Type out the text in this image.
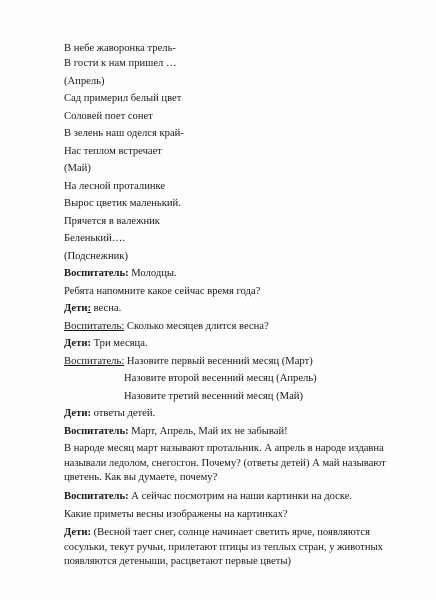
В небе жаворонка трель-
В гости к нам пришел …
(Апрель)
Сад примерил белый цвет
Соловей поет сонет
В зелень наш оделся край-
Нас теплом встречает
(Май)
На лесной проталинке
Вырос цветик маленький.
Прячется в валежник
Беленький….
(Подснежник)
Воспитатель: Молодцы.
Ребята напомните какое сейчас время года?
Дети: весна.
Воспитатель: Сколько месяцев длится весна?
Дети: Три месяца.
Воспитатель: Назовите первый весенний месяц (Март)
Назовите второй весенний месяц (Апрель)
Назовите третий весенний месяц (Май)
Дети: ответы детей.
Воспитатель: Март, Апрель, Май их не забывай!
В народе месяц март называют протальник. А апрель в народе издавна называли ледолом, снегосгон. Почему? (ответы детей) А май называют цветень. Как вы думаете, почему?
Воспитатель: А сейчас посмотрим на наши картинки на доске.
Какие приметы весны изображены на картинках?
Дети: (Весной тает снег, солнце начинает светить ярче, появляются сосульки, текут ручьи, прилетают птицы из теплых стран, у животных появляются детеныши, расцветают первые цветы)
